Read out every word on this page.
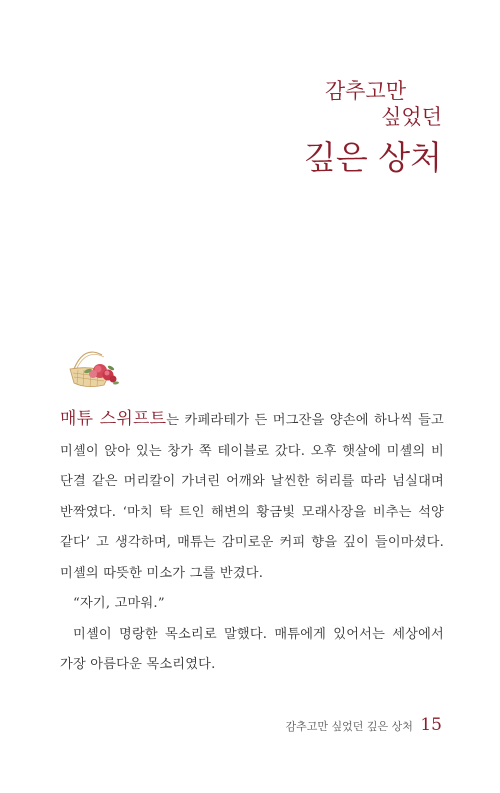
감추고만
싶었던
깊은 상처

매튜 스위프트는 카페라테가 든 머그잔을 양손에 하나씩 들고 미셸이 앉아 있는 창가 쪽 테이블로 갔다. 오후 햇살에 미셸의 비단결 같은 머리칼이 가녀린 어깨와 날씬한 허리를 따라 넘실대며 반짝였다. ‘마치 탁 트인 해변의 황금빛 모래사장을 비추는 석양 같다’ 고 생각하며, 매튜는 감미로운 커피 향을 깊이 들이마셨다. 미셸의 따뜻한 미소가 그를 반겼다.

“자기, 고마워.”

미셸이 명랑한 목소리로 말했다. 매튜에게 있어서는 세상에서 가장 아름다운 목소리였다.

감추고만 싶었던 깊은 상처 15
